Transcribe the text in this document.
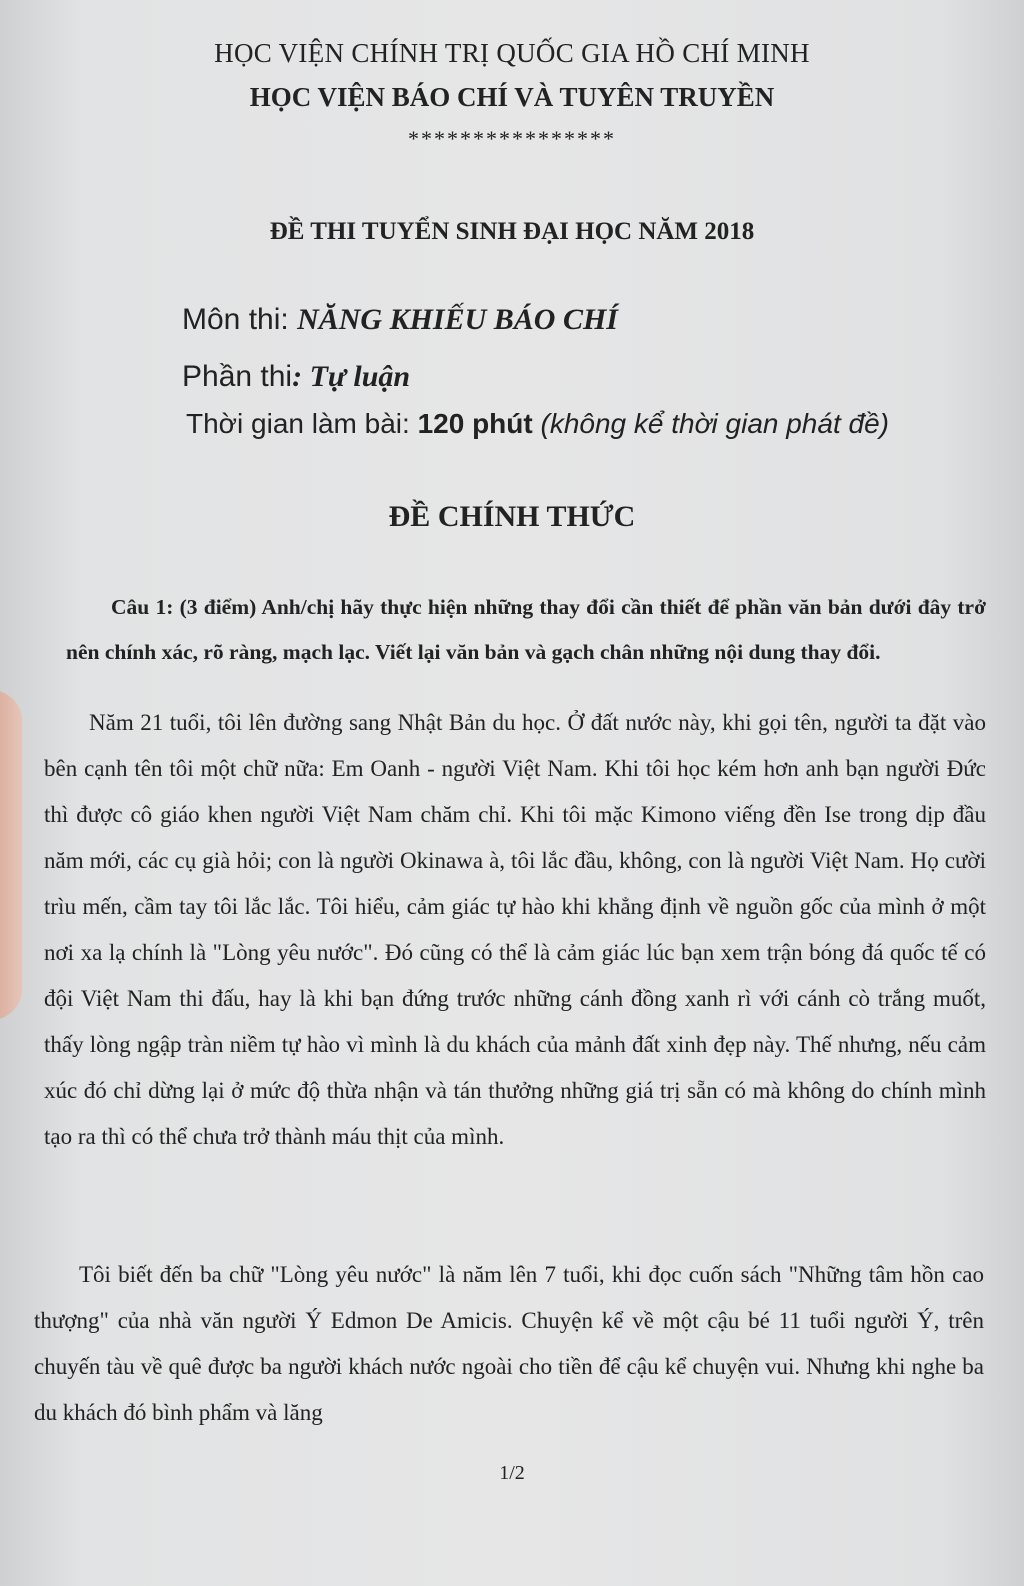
HỌC VIỆN CHÍNH TRỊ QUỐC GIA HỒ CHÍ MINH
HỌC VIỆN BÁO CHÍ VÀ TUYÊN TRUYỀN
****************
ĐỀ THI TUYỂN SINH ĐẠI HỌC NĂM 2018
Môn thi: NĂNG KHIẾU BÁO CHÍ
Phần thi: Tự luận
Thời gian làm bài: 120 phút (không kể thời gian phát đề)
ĐỀ CHÍNH THỨC
Câu 1: (3 điểm) Anh/chị hãy thực hiện những thay đổi cần thiết để phần văn bản dưới đây trở nên chính xác, rõ ràng, mạch lạc. Viết lại văn bản và gạch chân những nội dung thay đổi.
Năm 21 tuổi, tôi lên đường sang Nhật Bản du học. Ở đất nước này, khi gọi tên, người ta đặt vào bên cạnh tên tôi một chữ nữa: Em Oanh - người Việt Nam. Khi tôi học kém hơn anh bạn người Đức thì được cô giáo khen người Việt Nam chăm chỉ. Khi tôi mặc Kimono viếng đền Ise trong dịp đầu năm mới, các cụ già hỏi; con là người Okinawa à, tôi lắc đầu, không, con là người Việt Nam. Họ cười trìu mến, cầm tay tôi lắc lắc. Tôi hiểu, cảm giác tự hào khi khẳng định về nguồn gốc của mình ở một nơi xa lạ chính là "Lòng yêu nước". Đó cũng có thể là cảm giác lúc bạn xem trận bóng đá quốc tế có đội Việt Nam thi đấu, hay là khi bạn đứng trước những cánh đồng xanh rì với cánh cò trắng muốt, thấy lòng ngập tràn niềm tự hào vì mình là du khách của mảnh đất xinh đẹp này. Thế nhưng, nếu cảm xúc đó chỉ dừng lại ở mức độ thừa nhận và tán thưởng những giá trị sẵn có mà không do chính mình tạo ra thì có thể chưa trở thành máu thịt của mình.
Tôi biết đến ba chữ "Lòng yêu nước" là năm lên 7 tuổi, khi đọc cuốn sách "Những tâm hồn cao thượng" của nhà văn người Ý Edmon De Amicis. Chuyện kể về một cậu bé 11 tuổi người Ý, trên chuyến tàu về quê được ba người khách nước ngoài cho tiền để cậu kể chuyện vui. Nhưng khi nghe ba du khách đó bình phẩm và lăng
1/2
